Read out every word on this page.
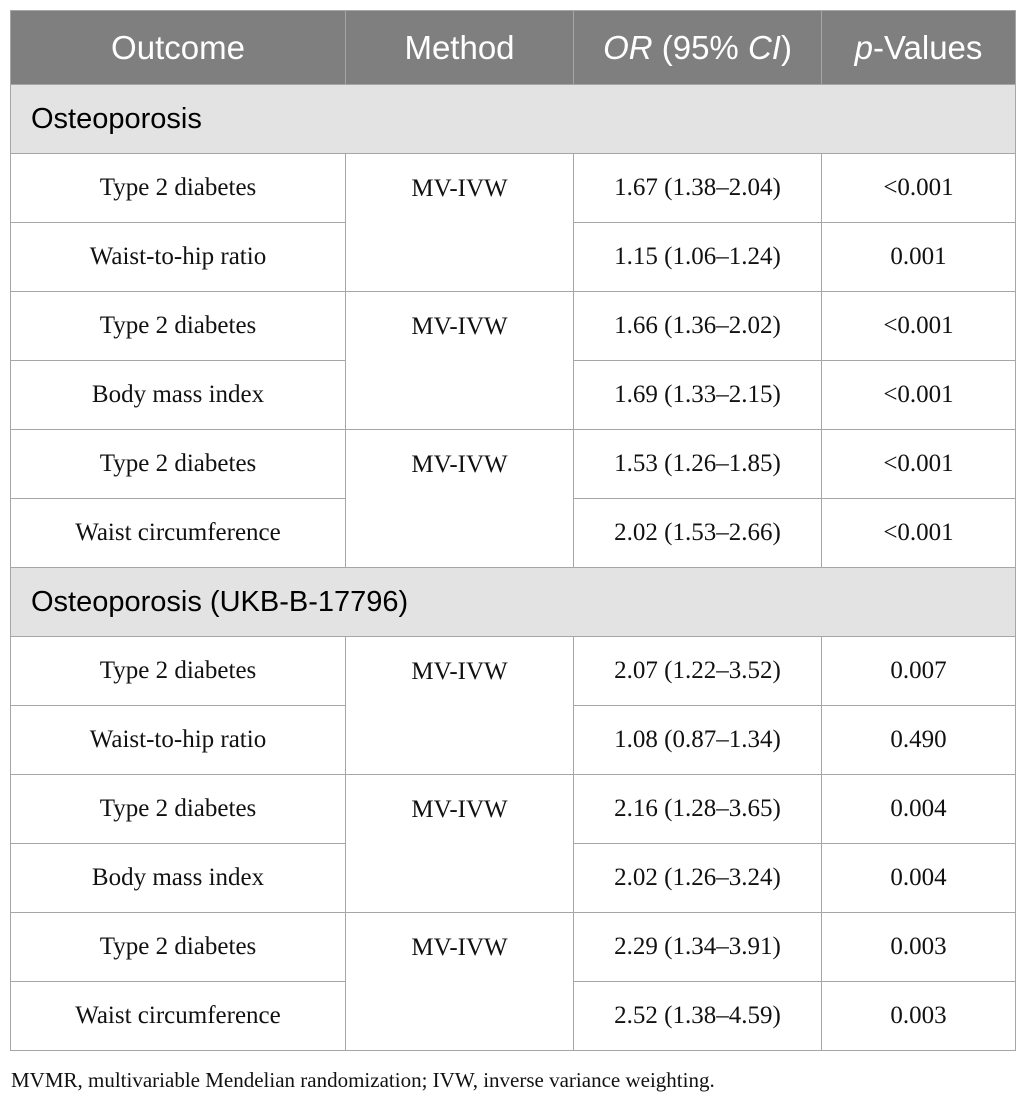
Outcome	Method	OR (95% CI)	p-Values
Osteoporosis			
Type 2 diabetes	MV-IVW	1.67 (1.38–2.04)	<0.001
Waist-to-hip ratio		1.15 (1.06–1.24)	0.001
Type 2 diabetes	MV-IVW	1.66 (1.36–2.02)	<0.001
Body mass index		1.69 (1.33–2.15)	<0.001
Type 2 diabetes	MV-IVW	1.53 (1.26–1.85)	<0.001
Waist circumference		2.02 (1.53–2.66)	<0.001
Osteoporosis (UKB-B-17796)			
Type 2 diabetes	MV-IVW	2.07 (1.22–3.52)	0.007
Waist-to-hip ratio		1.08 (0.87–1.34)	0.490
Type 2 diabetes	MV-IVW	2.16 (1.28–3.65)	0.004
Body mass index		2.02 (1.26–3.24)	0.004
Type 2 diabetes	MV-IVW	2.29 (1.34–3.91)	0.003
Waist circumference		2.52 (1.38–4.59)	0.003
MVMR, multivariable Mendelian randomization; IVW, inverse variance weighting.
